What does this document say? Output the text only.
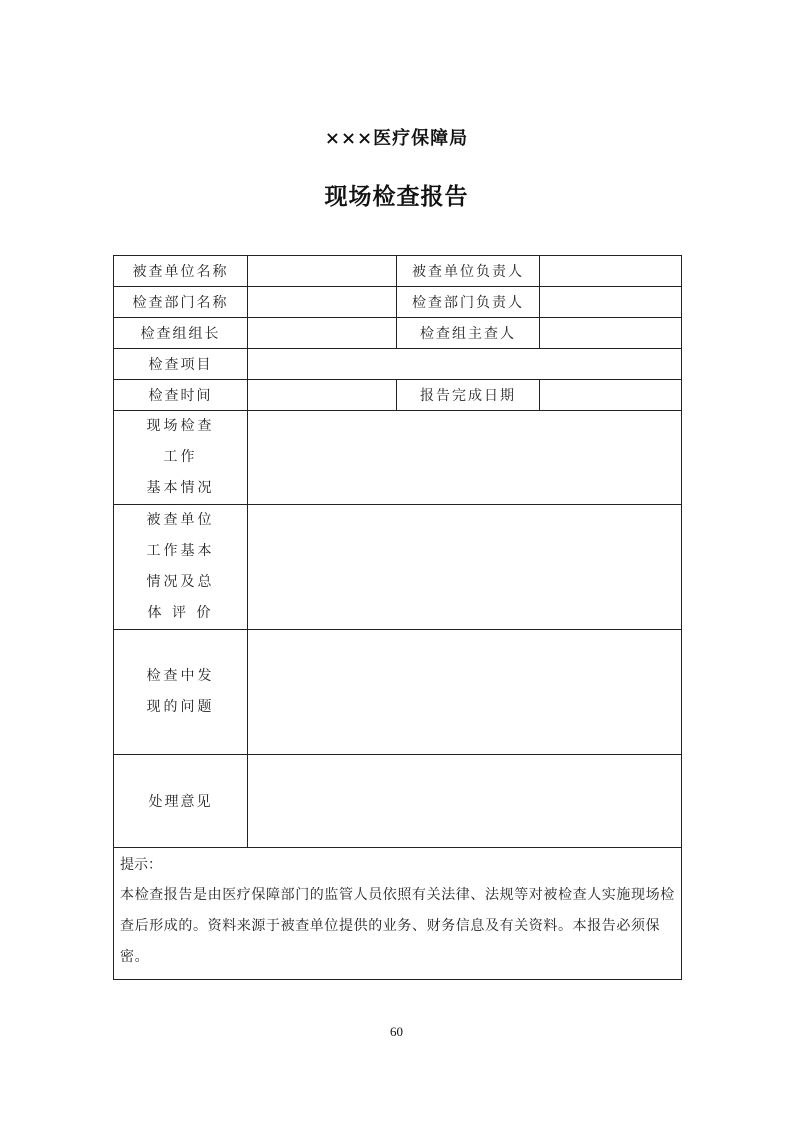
×××医疗保障局
现场检查报告
被查单位名称		被查单位负责人	
检查部门名称		检查部门负责人	
检查组组长		检查组主查人	
检查项目			
检查时间		报告完成日期	

现场检查
工作
基本情况			

被查单位
工作基本
情况及总
体 评 价			

检查中发
现的问题			

处理意见			

提示：
本检查报告是由医疗保障部门的监管人员依照有关法律、法规等对被检查人实施现场检查后形成的。资料来源于被查单位提供的业务、财务信息及有关资料。本报告必须保密。			
60
